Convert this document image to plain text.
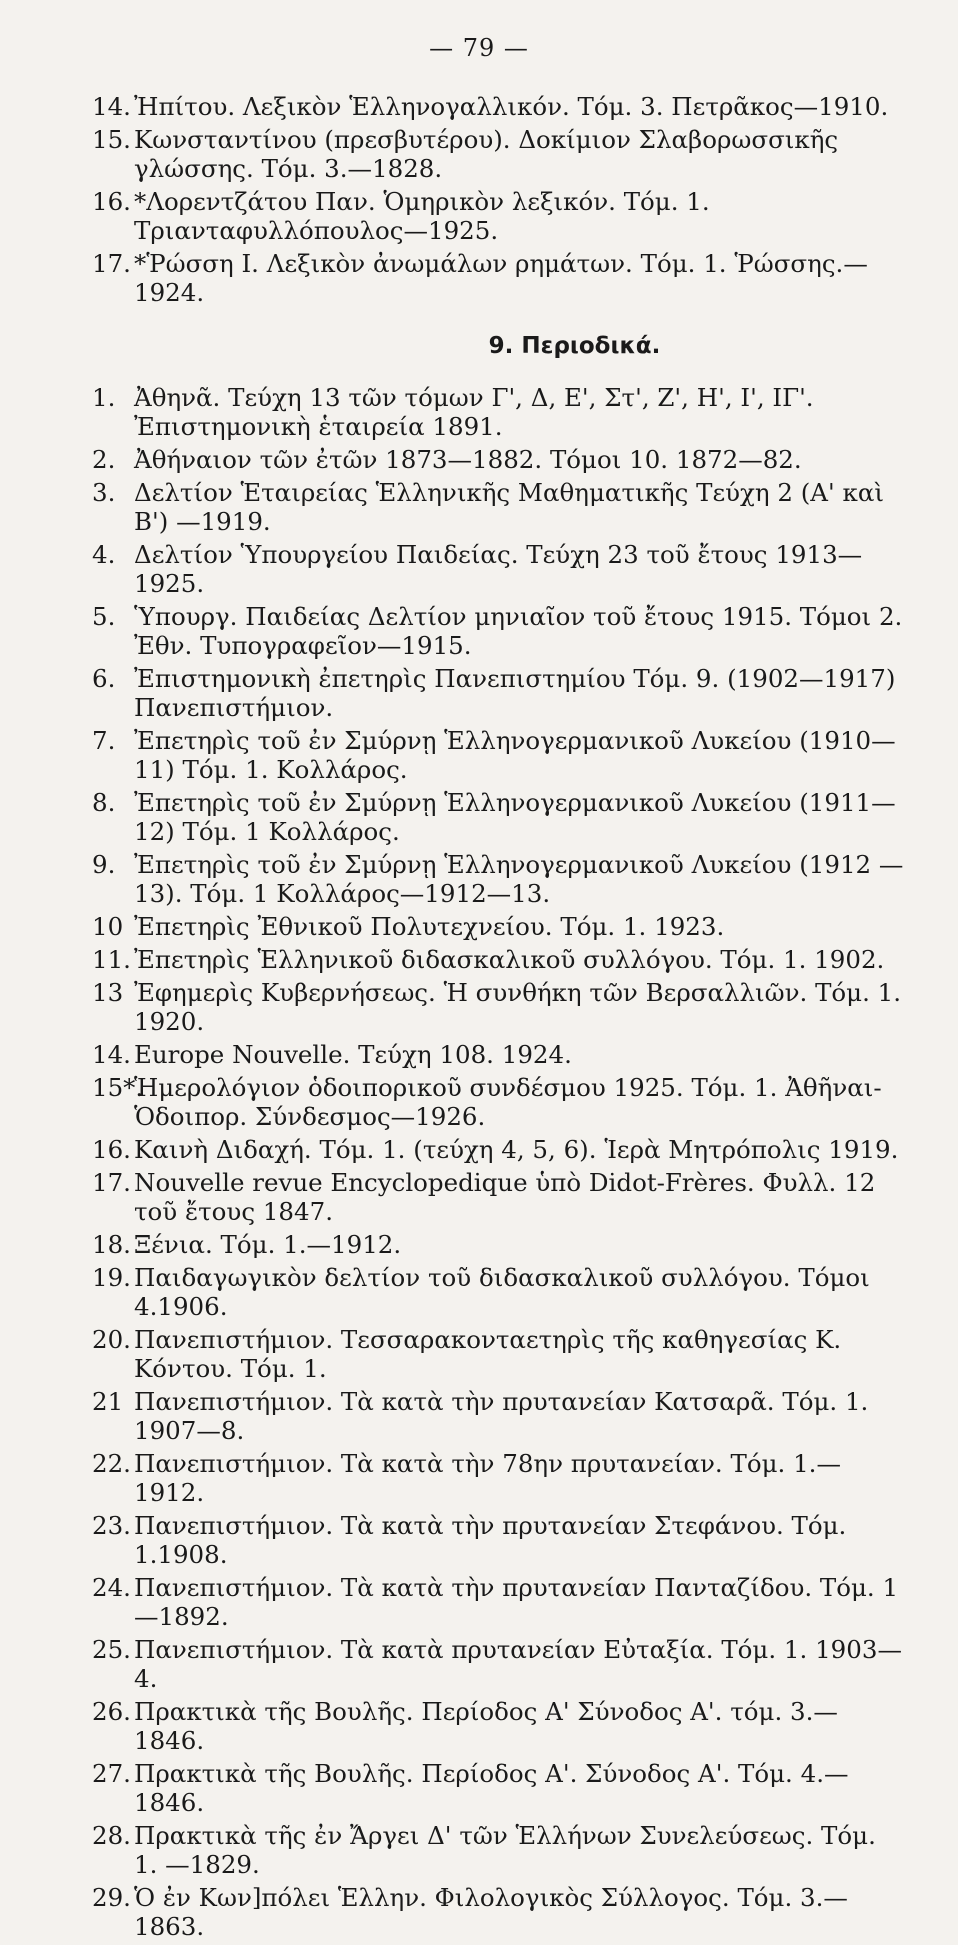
— 79 —
14. Ἠπίτου. Λεξικὸν Ἑλληνογαλλικόν. Τόμ. 3. Πετρᾶκος—1910.
15. Κωνσταντίνου (πρεσβυτέρου). Δοκίμιον Σλαβορωσσικῆς γλώσσης. Τόμ. 3.—1828.
16. *Λορεντζάτου Παν. Ὁμηρικὸν λεξικόν. Τόμ. 1. Τριανταφυλλόπουλος—1925.
17. *Ῥώσση Ι. Λεξικὸν ἀνωμάλων ρημάτων. Τόμ. 1. Ῥώσσης.—1924.
9. Περιοδικά.
1. Ἀθηνᾶ. Τεύχη 13 τῶν τόμων Γ', Δ, Ε', Στ', Ζ', Η', Ι', ΙΓ'. Ἐπιστημονικὴ ἑταιρεία 1891.
2. Ἀθήναιον τῶν ἐτῶν 1873—1882. Τόμοι 10. 1872—82.
3. Δελτίον Ἑταιρείας Ἑλληνικῆς Μαθηματικῆς Τεύχη 2 (Α' καὶ Β') —1919.
4. Δελτίον Ὑπουργείου Παιδείας. Τεύχη 23 τοῦ ἔτους 1913—1925.
5. Ὑπουργ. Παιδείας Δελτίον μηνιαῖον τοῦ ἔτους 1915. Τόμοι 2. Ἐθν. Τυπογραφεῖον—1915.
6. Ἐπιστημονικὴ ἐπετηρὶς Πανεπιστημίου Τόμ. 9. (1902—1917) Πανεπιστήμιον.
7. Ἐπετηρὶς τοῦ ἐν Σμύρνῃ Ἑλληνογερμανικοῦ Λυκείου (1910—11) Τόμ. 1. Κολλάρος.
8. Ἐπετηρὶς τοῦ ἐν Σμύρνῃ Ἑλληνογερμανικοῦ Λυκείου (1911—12) Τόμ. 1 Κολλάρος.
9. Ἐπετηρὶς τοῦ ἐν Σμύρνῃ Ἑλληνογερμανικοῦ Λυκείου (1912 — 13). Τόμ. 1 Κολλάρος—1912—13.
10 Ἐπετηρὶς Ἐθνικοῦ Πολυτεχνείου. Τόμ. 1. 1923.
11. Ἐπετηρὶς Ἑλληνικοῦ διδασκαλικοῦ συλλόγου. Τόμ. 1. 1902.
13 Ἐφημερὶς Κυβερνήσεως. Ἡ συνθήκη τῶν Βερσαλλιῶν. Τόμ. 1. 1920.
14. Europe Nouvelle. Τεύχη 108. 1924.
15*.
Ἡμερολόγιον ὁδοιπορικοῦ συνδέσμου 1925. Τόμ. 1. Ἀθῆναι-Ὁδοιπορ. Σύνδεσμος—1926.
16. Καινὴ Διδαχή. Τόμ. 1. (τεύχη 4, 5, 6). Ἱερὰ Μητρόπολις 1919.
17. Nouvelle revue Encyclopedique ὑπὸ Didot-Frères. Φυλλ. 12 τοῦ ἔτους 1847.
18. Ξένια. Τόμ. 1.—1912.
19. Παιδαγωγικὸν δελτίον τοῦ διδασκαλικοῦ συλλόγου. Τόμοι 4.1906.
20. Πανεπιστήμιον. Τεσσαρακονταετηρὶς τῆς καθηγεσίας Κ. Κόντου. Τόμ. 1.
21 Πανεπιστήμιον. Τὰ κατὰ τὴν πρυτανείαν Κατσαρᾶ. Τόμ. 1. 1907—8.
22. Πανεπιστήμιον. Τὰ κατὰ τὴν 78ην πρυτανείαν. Τόμ. 1.—1912.
23. Πανεπιστήμιον. Τὰ κατὰ τὴν πρυτανείαν Στεφάνου. Τόμ. 1.1908.
24. Πανεπιστήμιον. Τὰ κατὰ τὴν πρυτανείαν Πανταζίδου. Τόμ. 1—1892.
25. Πανεπιστήμιον. Τὰ κατὰ πρυτανείαν Εὐταξία. Τόμ. 1. 1903—4.
26. Πρακτικὰ τῆς Βουλῆς. Περίοδος Α' Σύνοδος Α'. τόμ. 3.—1846.
27. Πρακτικὰ τῆς Βουλῆς. Περίοδος Α'. Σύνοδος Α'. Τόμ. 4.—1846.
28. Πρακτικὰ τῆς ἐν Ἄργει Δ' τῶν Ἑλλήνων Συνελεύσεως. Τόμ. 1. —1829.
29. Ὁ ἐν Κων]πόλει Ἑλλην. Φιλολογικὸς Σύλλογος. Τόμ. 3.—1863.
